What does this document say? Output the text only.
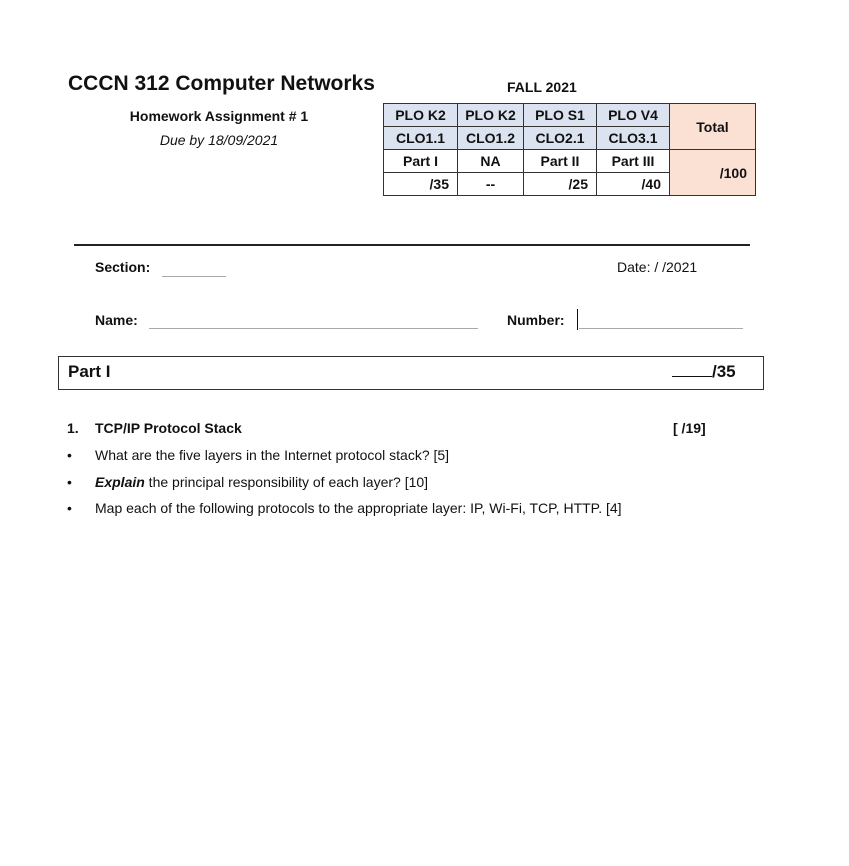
CCCN 312 Computer Networks	FALL 2021
Homework Assignment # 1
Due by 18/09/2021
PLO K2	PLO K2	PLO S1	PLO V4	Total
CLO1.1	CLO1.2	CLO2.1	CLO3.1	
Part I	NA	Part II	Part III	/100
/35	--	/25	/40	
Section:	Date: / /2021
Name:	Number:
Part I	/35
1. TCP/IP Protocol Stack	[ /19]
• What are the five layers in the Internet protocol stack? [5]
• Explain the principal responsibility of each layer? [10]
• Map each of the following protocols to the appropriate layer: IP, Wi-Fi, TCP, HTTP. [4]
